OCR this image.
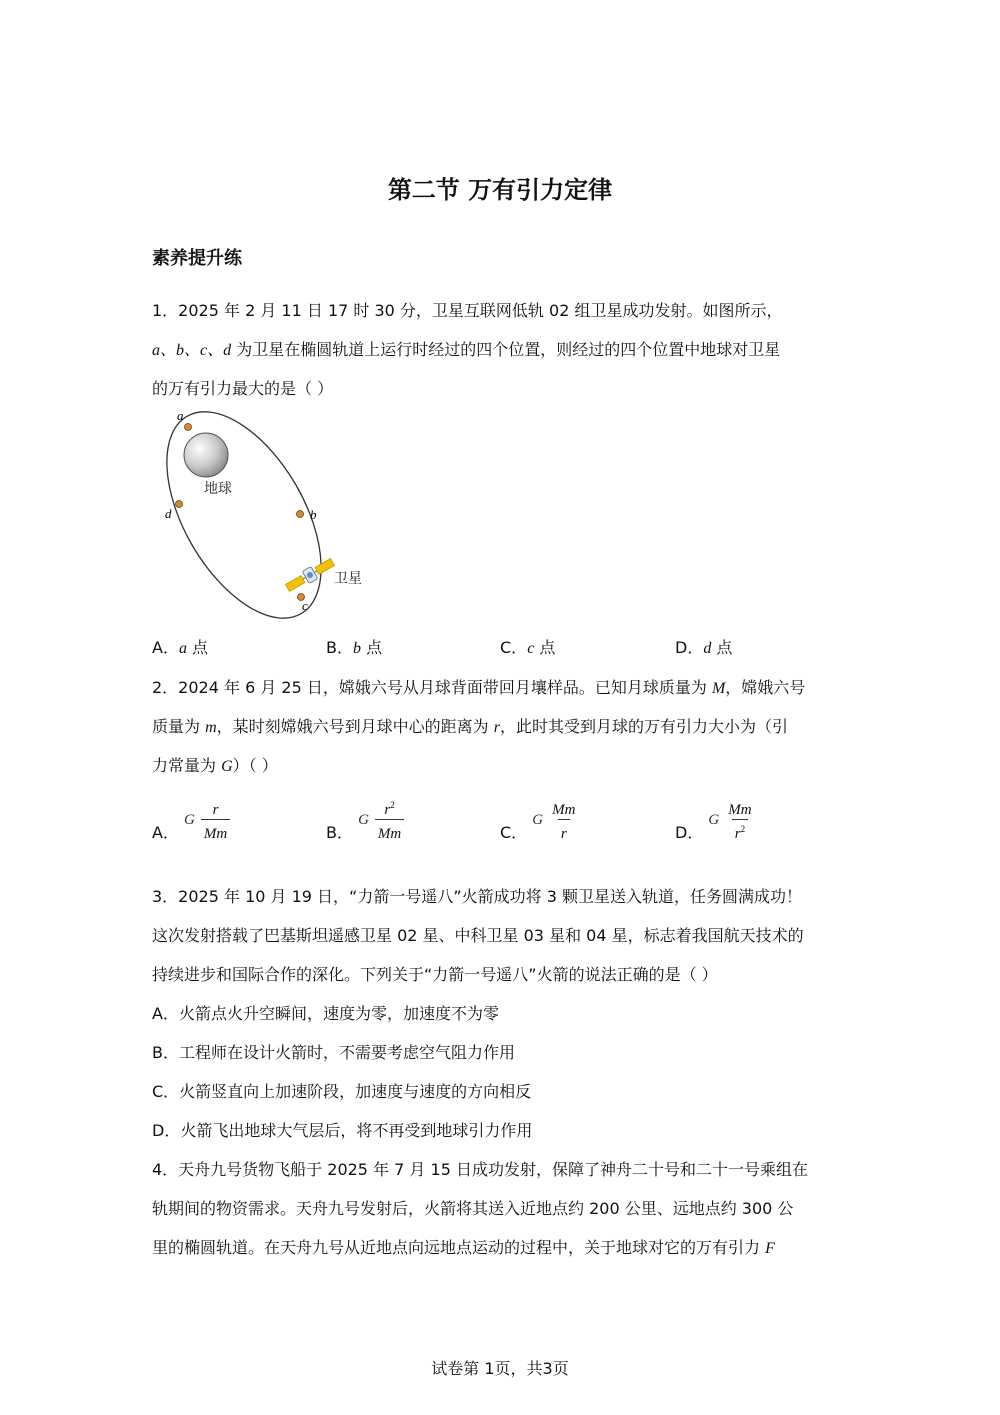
第二节 万有引力定律
素养提升练
1．2025 年 2 月 11 日 17 时 30 分，卫星互联网低轨 02 组卫星成功发射。如图所示，
a、b、c、d 为卫星在椭圆轨道上运行时经过的四个位置，则经过的四个位置中地球对卫星
的万有引力最大的是（ ）
地球
a
b
c
d
卫星
A．a 点	B．b 点	C．c 点	D．d 点
2．2024 年 6 月 25 日，嫦娥六号从月球背面带回月壤样品。已知月球质量为 M，嫦娥六号
质量为 m，某时刻嫦娥六号到月球中心的距离为 r，此时其受到月球的万有引力大小为（引
力常量为 G）（ ）
A． G $\frac{r}{Mm}$	B． G $\frac{r^2}{Mm}$	C． G $\frac{Mm}{r}$	D． G $\frac{Mm}{r^2}$
3．2025 年 10 月 19 日，“力箭一号遥八”火箭成功将 3 颗卫星送入轨道，任务圆满成功！
这次发射搭载了巴基斯坦遥感卫星 02 星、中科卫星 03 星和 04 星，标志着我国航天技术的
持续进步和国际合作的深化。下列关于“力箭一号遥八”火箭的说法正确的是（ ）
A．火箭点火升空瞬间，速度为零，加速度不为零
B．工程师在设计火箭时，不需要考虑空气阻力作用
C．火箭竖直向上加速阶段，加速度与速度的方向相反
D．火箭飞出地球大气层后，将不再受到地球引力作用
4．天舟九号货物飞船于 2025 年 7 月 15 日成功发射，保障了神舟二十号和二十一号乘组在
轨期间的物资需求。天舟九号发射后，火箭将其送入近地点约 200 公里、远地点约 300 公
里的椭圆轨道。在天舟九号从近地点向远地点运动的过程中，关于地球对它的万有引力 F
试卷第 1页，共3页
